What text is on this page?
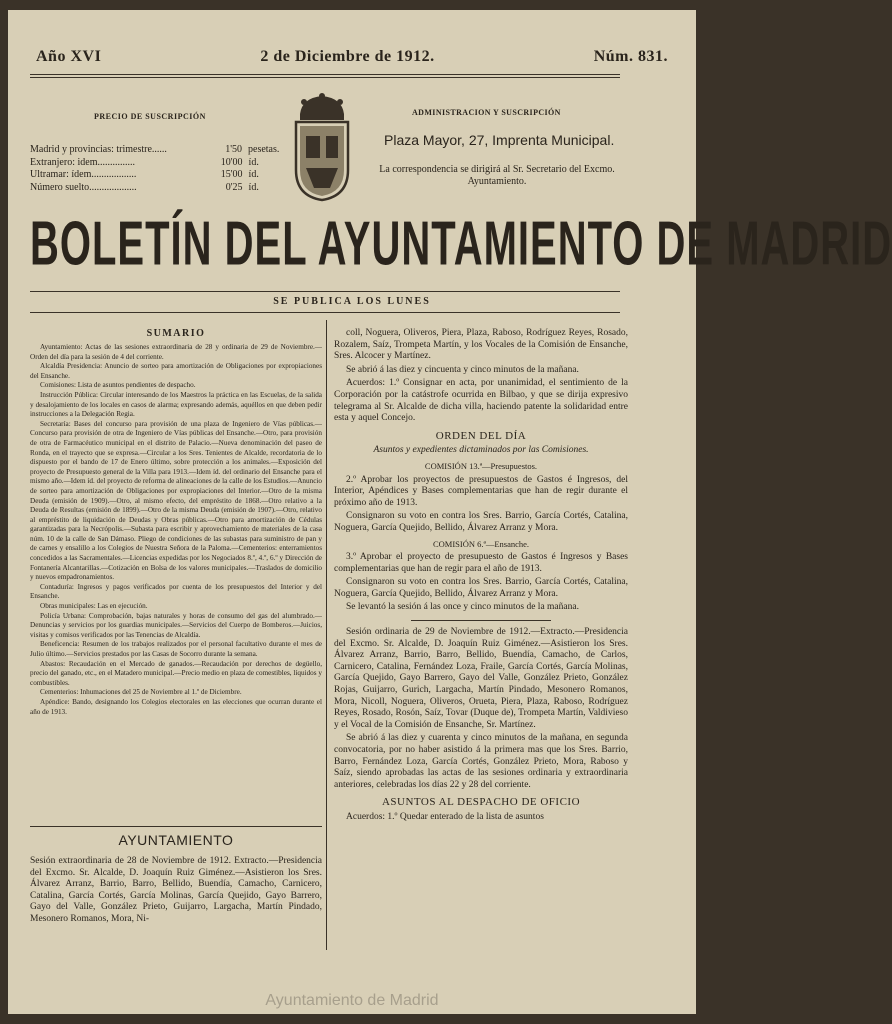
Año XVI	2 de Diciembre de 1912.	Núm. 831.
PRECIO DE SUSCRIPCIÓN
Madrid y provincias: trimestre......	1'50 pesetas.
Extranjero: idem...............	10'00 íd.
Ultramar: ídem..................	15'00 íd.
Número suelto...................	0'25 íd.
ADMINISTRACION Y SUSCRIPCIÓN
Plaza Mayor, 27, Imprenta Municipal.
La correspondencia se dirigirá al Sr. Secretario del Excmo. Ayuntamiento.
BOLETÍN DEL AYUNTAMIENTO DE MADRID
SE PUBLICA LOS LUNES
SUMARIO

Ayuntamiento: Actas de las sesiones extraordinaria de 28 y ordinaria de 29 de Noviembre.—Orden del día para la sesión de 4 del corriente.

Alcaldía Presidencia: Anuncio de sorteo para amortización de Obligaciones por expropiaciones del Ensanche.

Comisiones: Lista de asuntos pendientes de despacho.

Instrucción Pública: Circular interesando de los Maestros la práctica en las Escuelas, de la salida y desalojamiento de los locales en casos de alarma; expresando además, aquéllos en que deben pedir instrucciones a la Delegación Regia.

Secretaría: Bases del concurso para provisión de una plaza de Ingeniero de Vías públicas.—Concurso para provisión de otra de Ingeniero de Vías públicas del Ensanche.—Otro, para provisión de otra de Farmacéutico municipal en el distrito de Palacio.—Nueva denominación del paseo de Ronda, en el trayecto que se expresa.—Circular a los Sres. Tenientes de Alcalde, recordatoria de lo dispuesto por el bando de 17 de Enero último, sobre protección a los animales.—Exposición del proyecto de Presupuesto general de la Villa para 1913.—Idem íd. del ordinario del Ensanche para el mismo año.—Idem íd. del proyecto de reforma de alineaciones de la calle de los Estudios.—Anuncio de sorteo para amortización de Obligaciones por expropiaciones del Interior.—Otro de la misma Deuda (emisión de 1909).—Otro, al mismo efecto, del empréstito de 1868.—Otro relativo a la Deuda de Resultas (emisión de 1899).—Otro de la misma Deuda (emisión de 1907).—Otro, relativo al empréstito de liquidación de Deudas y Obras públicas.—Otro para amortización de Cédulas garantizadas para la Necrópolis.—Subasta para escribir y aprovechamiento de materiales de la casa núm. 10 de la calle de San Dámaso. Pliego de condiciones de las subastas para suministro de pan y de carnes y ensalillo a los Colegios de Nuestra Señora de la Paloma.—Cementerios: enterramientos concedidos a las Sacramentales.—Licencias expedidas por los Negociados 8.º, 4.º, 6.º y Dirección de Fontanería Alcantarillas.—Cotización en Bolsa de los valores municipales.—Traslados de domicilio y nuevos empadronamientos.

Contaduría: Ingresos y pagos verificados por cuenta de los presupuestos del Interior y del Ensanche.

Obras municipales: Las en ejecución.

Policía Urbana: Comprobación, bajas naturales y horas de consumo del gas del alumbrado.—Denuncias y servicios por los guardias municipales.—Servicios del Cuerpo de Bomberos.—Juicios, visitas y comisos verificados por las Tenencias de Alcaldía.

Beneficencia: Resumen de los trabajos realizados por el personal facultativo durante el mes de Julio último.—Servicios prestados por las Casas de Socorro durante la semana.

Abastos: Recaudación en el Mercado de ganados.—Recaudación por derechos de degüello, precio del ganado, etc., en el Matadero municipal.—Precio medio en plaza de comestibles, líquidos y combustibles.

Cementerios: Inhumaciones del 25 de Noviembre al 1.º de Diciembre.

Apéndice: Bando, designando los Colegios electorales en las elecciones que ocurran durante el año de 1913.

AYUNTAMIENTO
Sesión extraordinaria de 28 de Noviembre de 1912. Extracto.—Presidencia del Excmo. Sr. Alcalde, D. Joaquín Ruiz Giménez.—Asistieron los Sres. Álvarez Arranz, Barrio, Barro, Bellido, Buendía, Camacho, Carnicero, Catalina, García Cortés, García Molinas, García Quejido, Gayo Barrero, Gayo del Valle, González Prieto, Guijarro, Largacha, Martín Pindado, Mesonero Romanos, Mora, Ni-

coll, Noguera, Oliveros, Piera, Plaza, Raboso, Rodríguez Reyes, Rosado, Rozalem, Saíz, Trompeta Martín, y los Vocales de la Comisión de Ensanche, Sres. Alcocer y Martínez.

Se abrió á las diez y cincuenta y cinco minutos de la mañana.

Acuerdos: 1.º Consignar en acta, por unanimidad, el sentimiento de la Corporación por la catástrofe ocurrida en Bilbao, y que se dirija expresivo telegrama al Sr. Alcalde de dicha villa, haciendo patente la solidaridad entre esta y aquel Concejo.

ORDEN DEL DÍA
Asuntos y expedientes dictaminados por las Comisiones.
COMISIÓN 13.ª—Presupuestos.

2.º Aprobar los proyectos de presupuestos de Gastos é Ingresos, del Interior, Apéndices y Bases complementarias que han de regir durante el próximo año de 1913.

Consignaron su voto en contra los Sres. Barrio, García Cortés, Catalina, Noguera, García Quejido, Bellido, Álvarez Arranz y Mora.

COMISIÓN 6.ª—Ensanche.

3.º Aprobar el proyecto de presupuesto de Gastos é Ingresos y Bases complementarias que han de regir para el año de 1913.

Consignaron su voto en contra los Sres. Barrio, García Cortés, Catalina, Noguera, García Quejido, Bellido, Álvarez Arranz y Mora.

Se levantó la sesión á las once y cinco minutos de la mañana.

Sesión ordinaria de 29 de Noviembre de 1912.—Extracto.—Presidencia del Excmo. Sr. Alcalde, D. Joaquín Ruiz Giménez.—Asistieron los Sres. Álvarez Arranz, Barrio, Barro, Bellido, Buendía, Camacho, de Carlos, Carnicero, Catalina, Fernández Loza, Fraile, García Cortés, García Molinas, García Quejido, Gayo Barrero, Gayo del Valle, González Prieto, González Rojas, Guijarro, Gurich, Largacha, Martín Pindado, Mesonero Romanos, Mora, Nicoll, Noguera, Oliveros, Orueta, Piera, Plaza, Raboso, Rodríguez Reyes, Rosado, Rosón, Saíz, Tovar (Duque de), Trompeta Martín, Valdivieso y el Vocal de la Comisión de Ensanche, Sr. Martínez.

Se abrió á las diez y cuarenta y cinco minutos de la mañana, en segunda convocatoria, por no haber asistido á la primera mas que los Sres. Barrio, Barro, Fernández Loza, García Cortés, González Prieto, Mora, Raboso y Saíz, siendo aprobadas las actas de las sesiones ordinaria y extraordinaria anteriores, celebradas los días 22 y 28 del corriente.

ASUNTOS AL DESPACHO DE OFICIO

Acuerdos: 1.º Quedar enterado de la lista de asuntos

Ayuntamiento de Madrid
